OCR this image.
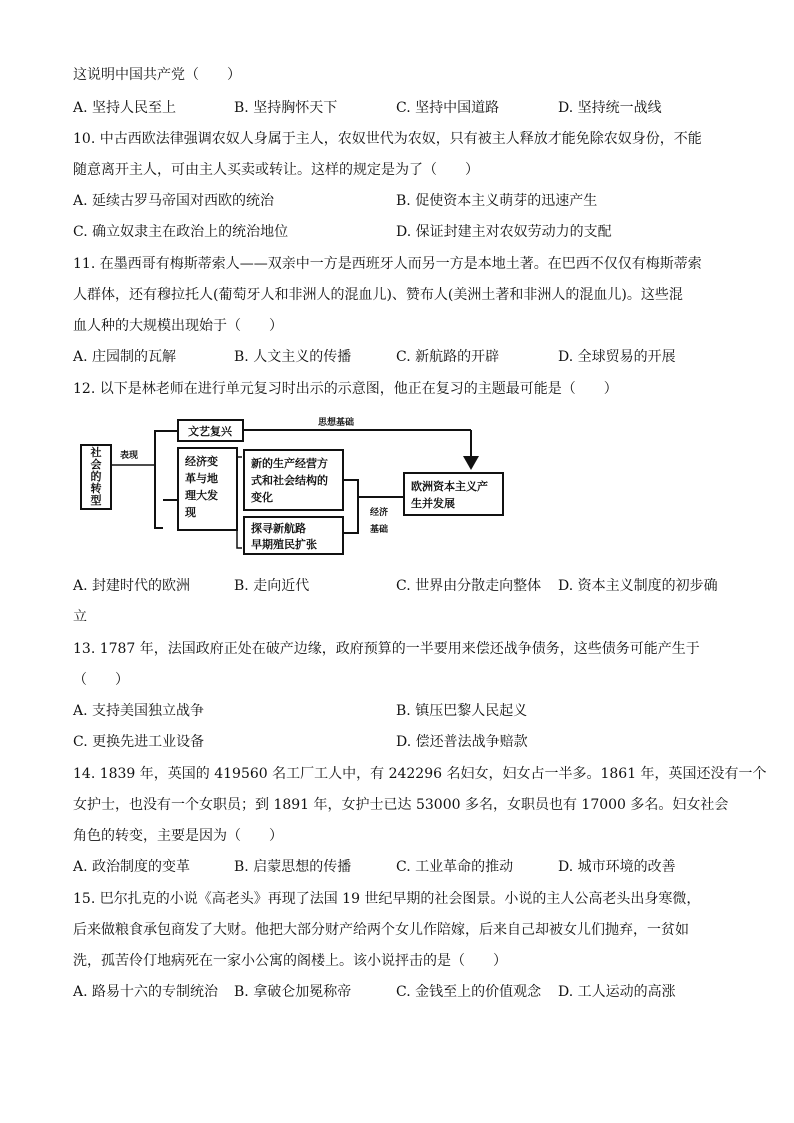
这说明中国共产党（　　）
A. 坚持人民至上	B. 坚持胸怀天下	C. 坚持中国道路	D. 坚持统一战线
10. 中古西欧法律强调农奴人身属于主人，农奴世代为农奴，只有被主人释放才能免除农奴身份，不能
随意离开主人，可由主人买卖或转让。这样的规定是为了（　　）
A. 延续古罗马帝国对西欧的统治	B. 促使资本主义萌芽的迅速产生
C. 确立奴隶主在政治上的统治地位	D. 保证封建主对农奴劳动力的支配
11. 在墨西哥有梅斯蒂索人——双亲中一方是西班牙人而另一方是本地土著。在巴西不仅仅有梅斯蒂索
人群体，还有穆拉托人(葡萄牙人和非洲人的混血儿)、赞布人(美洲土著和非洲人的混血儿)。这些混
血人种的大规模出现始于（　　）
A. 庄园制的瓦解	B. 人文主义的传播	C. 新航路的开辟	D. 全球贸易的开展
12. 以下是林老师在进行单元复习时出示的示意图，他正在复习的主题最可能是（　　）
社
会
的
转
型
表现
文艺复兴
思想基础
经济变
革与地
理大发
现
新的生产经营方
式和社会结构的
变化
探寻新航路
早期殖民扩张
经济
基础
欧洲资本主义产
生并发展
A. 封建时代的欧洲	B. 走向近代	C. 世界由分散走向整体 D. 资本主义制度的初步确
立
13. 1787 年，法国政府正处在破产边缘，政府预算的一半要用来偿还战争债务，这些债务可能产生于
（　　）
A. 支持美国独立战争	B. 镇压巴黎人民起义
C. 更换先进工业设备	D. 偿还普法战争赔款
14. 1839 年，英国的 419560 名工厂工人中，有 242296 名妇女，妇女占一半多。1861 年，英国还没有一个
女护士，也没有一个女职员；到 1891 年，女护士已达 53000 多名，女职员也有 17000 多名。妇女社会
角色的转变，主要是因为（　　）
A. 政治制度的变革	B. 启蒙思想的传播	C. 工业革命的推动	D. 城市环境的改善
15. 巴尔扎克的小说《高老头》再现了法国 19 世纪早期的社会图景。小说的主人公高老头出身寒微，
后来做粮食承包商发了大财。他把大部分财产给两个女儿作陪嫁，后来自己却被女儿们抛弃，一贫如
洗，孤苦伶仃地病死在一家小公寓的阁楼上。该小说抨击的是（　　）
A. 路易十六的专制统治 B. 拿破仑加冕称帝	C. 金钱至上的价值观念 D. 工人运动的高涨
